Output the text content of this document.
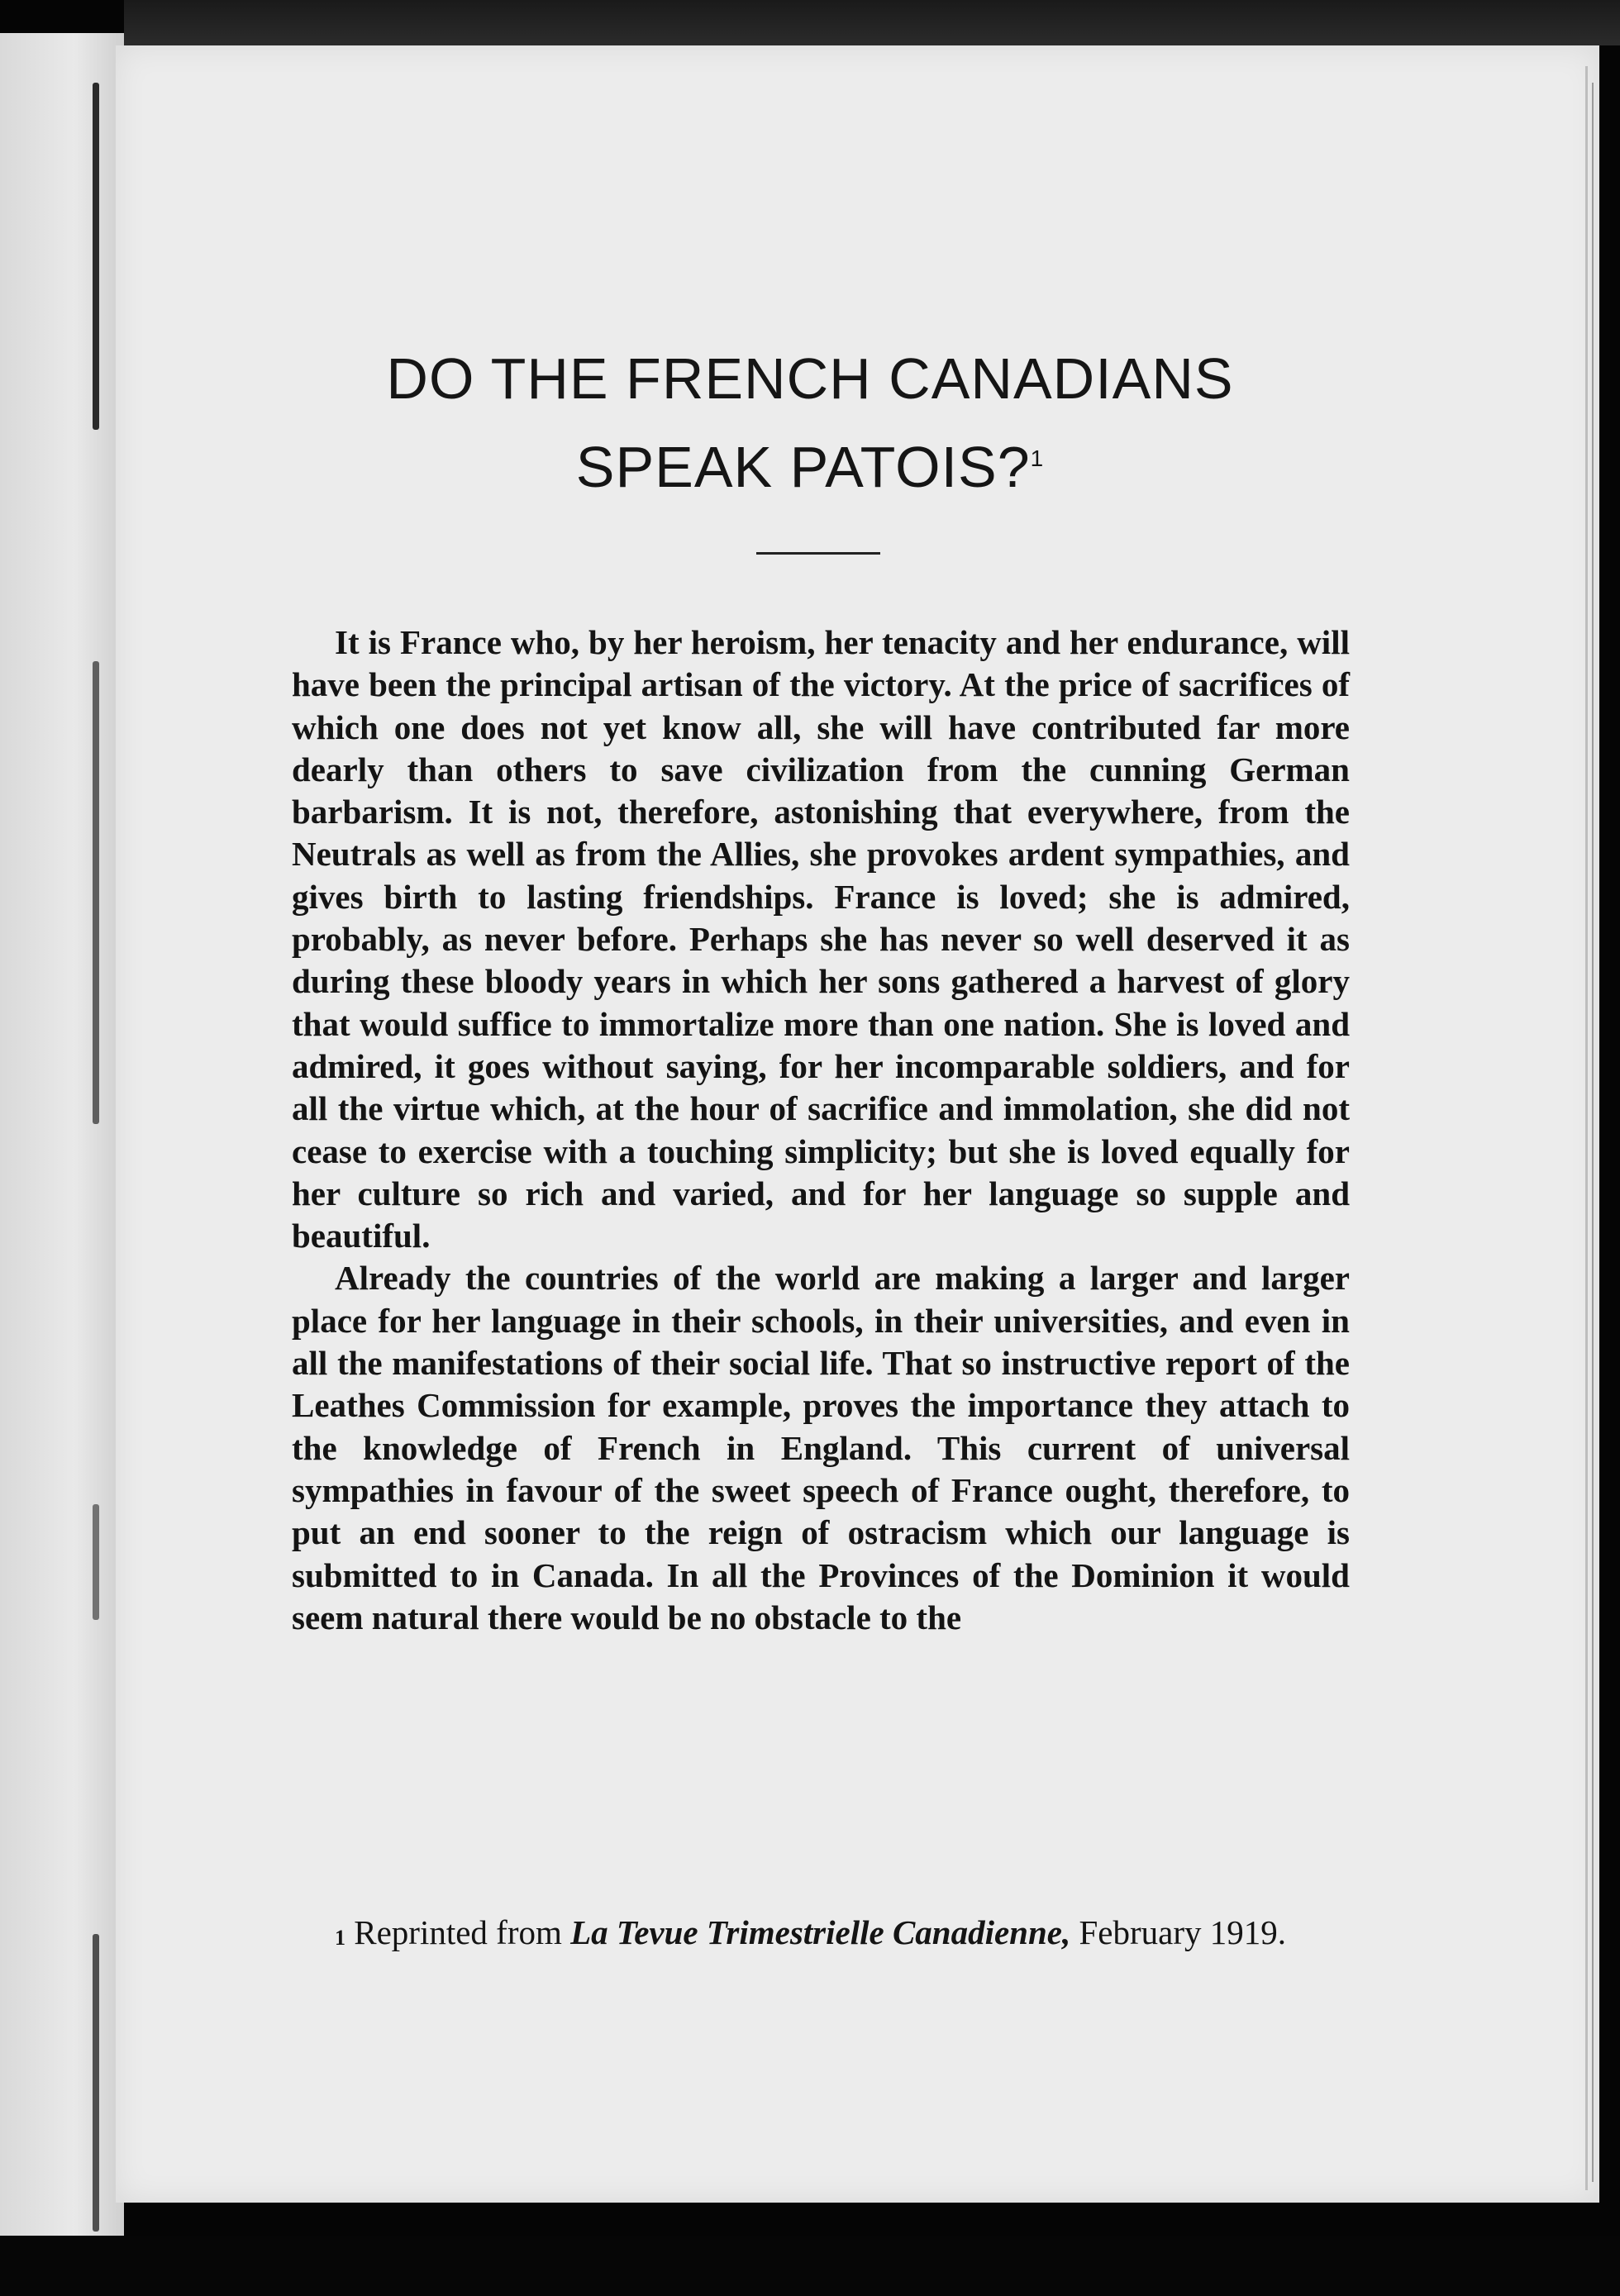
DO THE FRENCH CANADIANS
SPEAK PATOIS?$^1$

It is France who, by her heroism, her tenacity and her endurance, will have been the principal artisan of the victory. At the price of sacrifices of which one does not yet know all, she will have contributed far more dearly than others to save civilization from the cunning German barbarism. It is not, therefore, astonishing that everywhere, from the Neutrals as well as from the Allies, she provokes ardent sympathies, and gives birth to lasting friendships. France is loved; she is admired, probably, as never before. Perhaps she has never so well deserved it as during these bloody years in which her sons gathered a harvest of glory that would suffice to immortalize more than one nation. She is loved and admired, it goes without saying, for her incomparable soldiers, and for all the virtue which, at the hour of sacrifice and immolation, she did not cease to exercise with a touching simplicity; but she is loved equally for her culture so rich and varied, and for her language so supple and beautiful.

Already the countries of the world are making a larger and larger place for her language in their schools, in their universities, and even in all the manifestations of their social life. That so instructive report of the Leathes Commission for example, proves the importance they attach to the knowledge of French in England. This current of universal sympathies in favour of the sweet speech of France ought, therefore, to put an end sooner to the reign of ostracism which our language is submitted to in Canada. In all the Provinces of the Dominion it would seem natural there would be no obstacle to the

$^1$ Reprinted from La Tevue Trimestrielle Canadienne, February 1919.
